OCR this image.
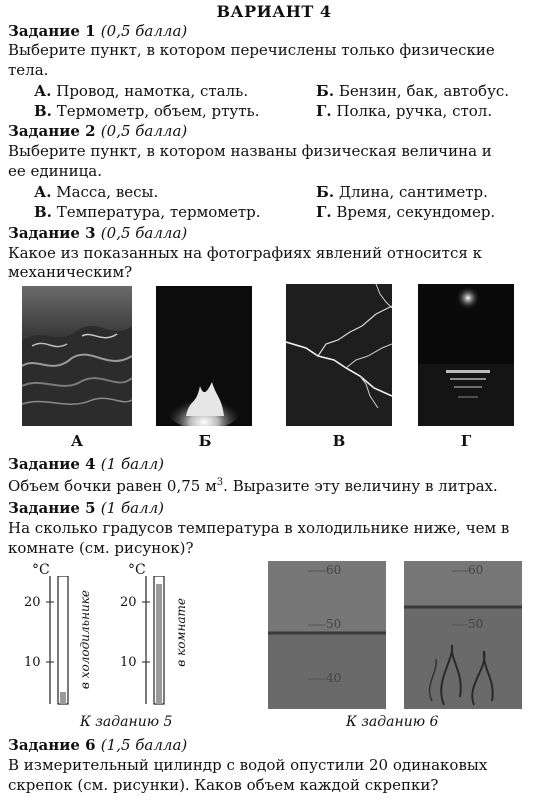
ВАРИАНТ 4
Задание 1 (0,5 балла)
Выберите пункт, в котором перечислены только физические
тела.
А. Провод, намотка, сталь.	Б. Бензин, бак, автобус.
В. Термометр, объем, ртуть.	Г. Полка, ручка, стол.
Задание 2 (0,5 балла)
Выберите пункт, в котором названы физическая величина и
ее единица.
А. Масса, весы.	Б. Длина, сантиметр.
В. Температура, термометр.	Г. Время, секундомер.
Задание 3 (0,5 балла)
Какое из показанных на фотографиях явлений относится к
механическим?
А	Б	В	Г
Задание 4 (1 балл)
Объем бочки равен 0,75 $м^3$. Выразите эту величину в литрах.
Задание 5 (1 балл)
На сколько градусов температура в холодильнике ниже, чем в
комнате (см. рисунок)?
°C
20
10	в холодильнике
°C
20
10	в комнате
К заданию 5
60
50
40
60
50
К заданию 6
Задание 6 (1,5 балла)
В измерительный цилиндр с водой опустили 20 одинаковых
скрепок (см. рисунки). Каков объем каждой скрепки?
